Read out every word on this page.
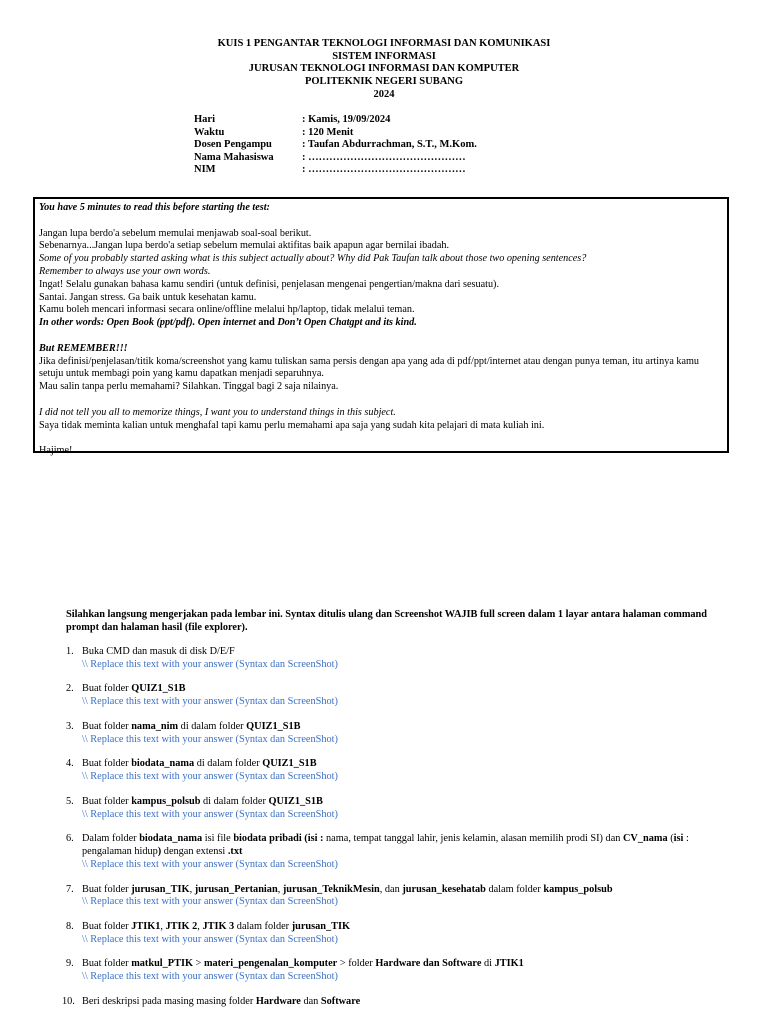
KUIS 1 PENGANTAR TEKNOLOGI INFORMASI DAN KOMUNIKASI
SISTEM INFORMASI
JURUSAN TEKNOLOGI INFORMASI DAN KOMPUTER
POLITEKNIK NEGERI SUBANG
2024
Hari	: Kamis, 19/09/2024
Waktu	: 120 Menit
Dosen Pengampu	: Taufan Abdurrachman, S.T., M.Kom.
Nama Mahasiswa	: ………………………………………
NIM	: ………………………………………

You have 5 minutes to read this before starting the test:

Jangan lupa berdo'a sebelum memulai menjawab soal-soal berikut.

Sebenarnya...Jangan lupa berdo'a setiap sebelum memulai aktifitas baik apapun agar bernilai ibadah.

Some of you probably started asking what is this subject actually about? Why did Pak Taufan talk about those two opening sentences?

Remember to always use your own words.

Ingat! Selalu gunakan bahasa kamu sendiri (untuk definisi, penjelasan mengenai pengertian/makna dari sesuatu).

Santai. Jangan stress. Ga baik untuk kesehatan kamu.

Kamu boleh mencari informasi secara online/offline melalui hp/laptop, tidak melalui teman.

In other words: Open Book (ppt/pdf). Open internet and Don’t Open Chatgpt and its kind.

But REMEMBER!!!

Jika definisi/penjelasan/titik koma/screenshot yang kamu tuliskan sama persis dengan apa yang ada di pdf/ppt/internet atau dengan punya teman, itu artinya kamu setuju untuk membagi poin yang kamu dapatkan menjadi separuhnya.

Mau salin tanpa perlu memahami? Silahkan. Tinggal bagi 2 saja nilainya.

I did not tell you all to memorize things, I want you to understand things in this subject.

Saya tidak meminta kalian untuk menghafal tapi kamu perlu memahami apa saja yang sudah kita pelajari di mata kuliah ini.

Hajime!

Silahkan langsung mengerjakan pada lembar ini. Syntax ditulis ulang dan Screenshot WAJIB full screen dalam 1 layar antara halaman command prompt dan halaman hasil (file explorer).
1. Buka CMD dan masuk di disk D/E/F
\\ Replace this text with your answer (Syntax dan ScreenShot)
2. Buat folder QUIZ1_S1B
\\ Replace this text with your answer (Syntax dan ScreenShot)
3. Buat folder nama_nim di dalam folder QUIZ1_S1B
\\ Replace this text with your answer (Syntax dan ScreenShot)
4. Buat folder biodata_nama di dalam folder QUIZ1_S1B
\\ Replace this text with your answer (Syntax dan ScreenShot)
5. Buat folder kampus_polsub di dalam folder QUIZ1_S1B
\\ Replace this text with your answer (Syntax dan ScreenShot)
6. Dalam folder biodata_nama isi file biodata pribadi (isi : nama, tempat tanggal lahir, jenis kelamin, alasan memilih prodi SI) dan CV_nama (isi : pengalaman hidup) dengan extensi .txt
\\ Replace this text with your answer (Syntax dan ScreenShot)
7. Buat folder jurusan_TIK, jurusan_Pertanian, jurusan_TeknikMesin, dan jurusan_kesehatab dalam folder kampus_polsub
\\ Replace this text with your answer (Syntax dan ScreenShot)
8. Buat folder JTIK1, JTIK 2, JTIK 3 dalam folder jurusan_TIK
\\ Replace this text with your answer (Syntax dan ScreenShot)
9. Buat folder matkul_PTIK > materi_pengenalan_komputer > folder Hardware dan Software di JTIK1
\\ Replace this text with your answer (Syntax dan ScreenShot)
10. Beri deskripsi pada masing masing folder Hardware dan Software
